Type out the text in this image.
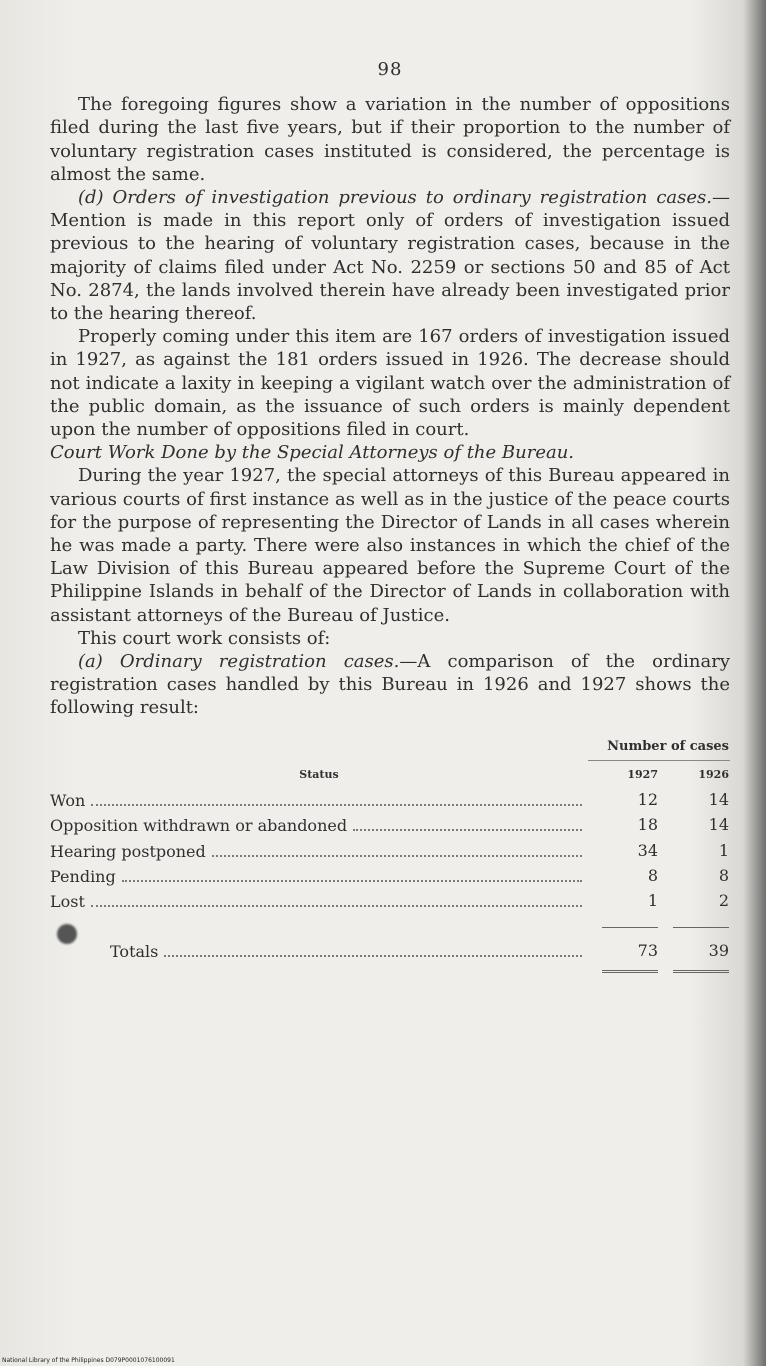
98

The foregoing figures show a variation in the number of oppositions filed during the last five years, but if their proportion to the number of voluntary registration cases instituted is considered, the percentage is almost the same.

(d) Orders of investigation previous to ordinary registration cases.—Mention is made in this report only of orders of investigation issued previous to the hearing of voluntary registration cases, because in the majority of claims filed under Act No. 2259 or sections 50 and 85 of Act No. 2874, the lands involved therein have already been investigated prior to the hearing thereof.

Properly coming under this item are 167 orders of investigation issued in 1927, as against the 181 orders issued in 1926. The decrease should not indicate a laxity in keeping a vigilant watch over the administration of the public domain, as the issuance of such orders is mainly dependent upon the number of oppositions filed in court.

Court Work Done by the Special Attorneys of the Bureau.

During the year 1927, the special attorneys of this Bureau appeared in various courts of first instance as well as in the justice of the peace courts for the purpose of representing the Director of Lands in all cases wherein he was made a party. There were also instances in which the chief of the Law Division of this Bureau appeared before the Supreme Court of the Philippine Islands in behalf of the Director of Lands in collaboration with assistant attorneys of the Bureau of Justice.

This court work consists of:

(a) Ordinary registration cases.—A comparison of the ordinary registration cases handled by this Bureau in 1926 and 1927 shows the following result:

Status	Number of cases	
	1927	1926

Won	12	14

Opposition withdrawn or abandoned	18	14

Hearing postponed	34	1

Pending	8	8

Lost	1	2

Totals	73	39

National Library of the Philippines D079P0001076100091
